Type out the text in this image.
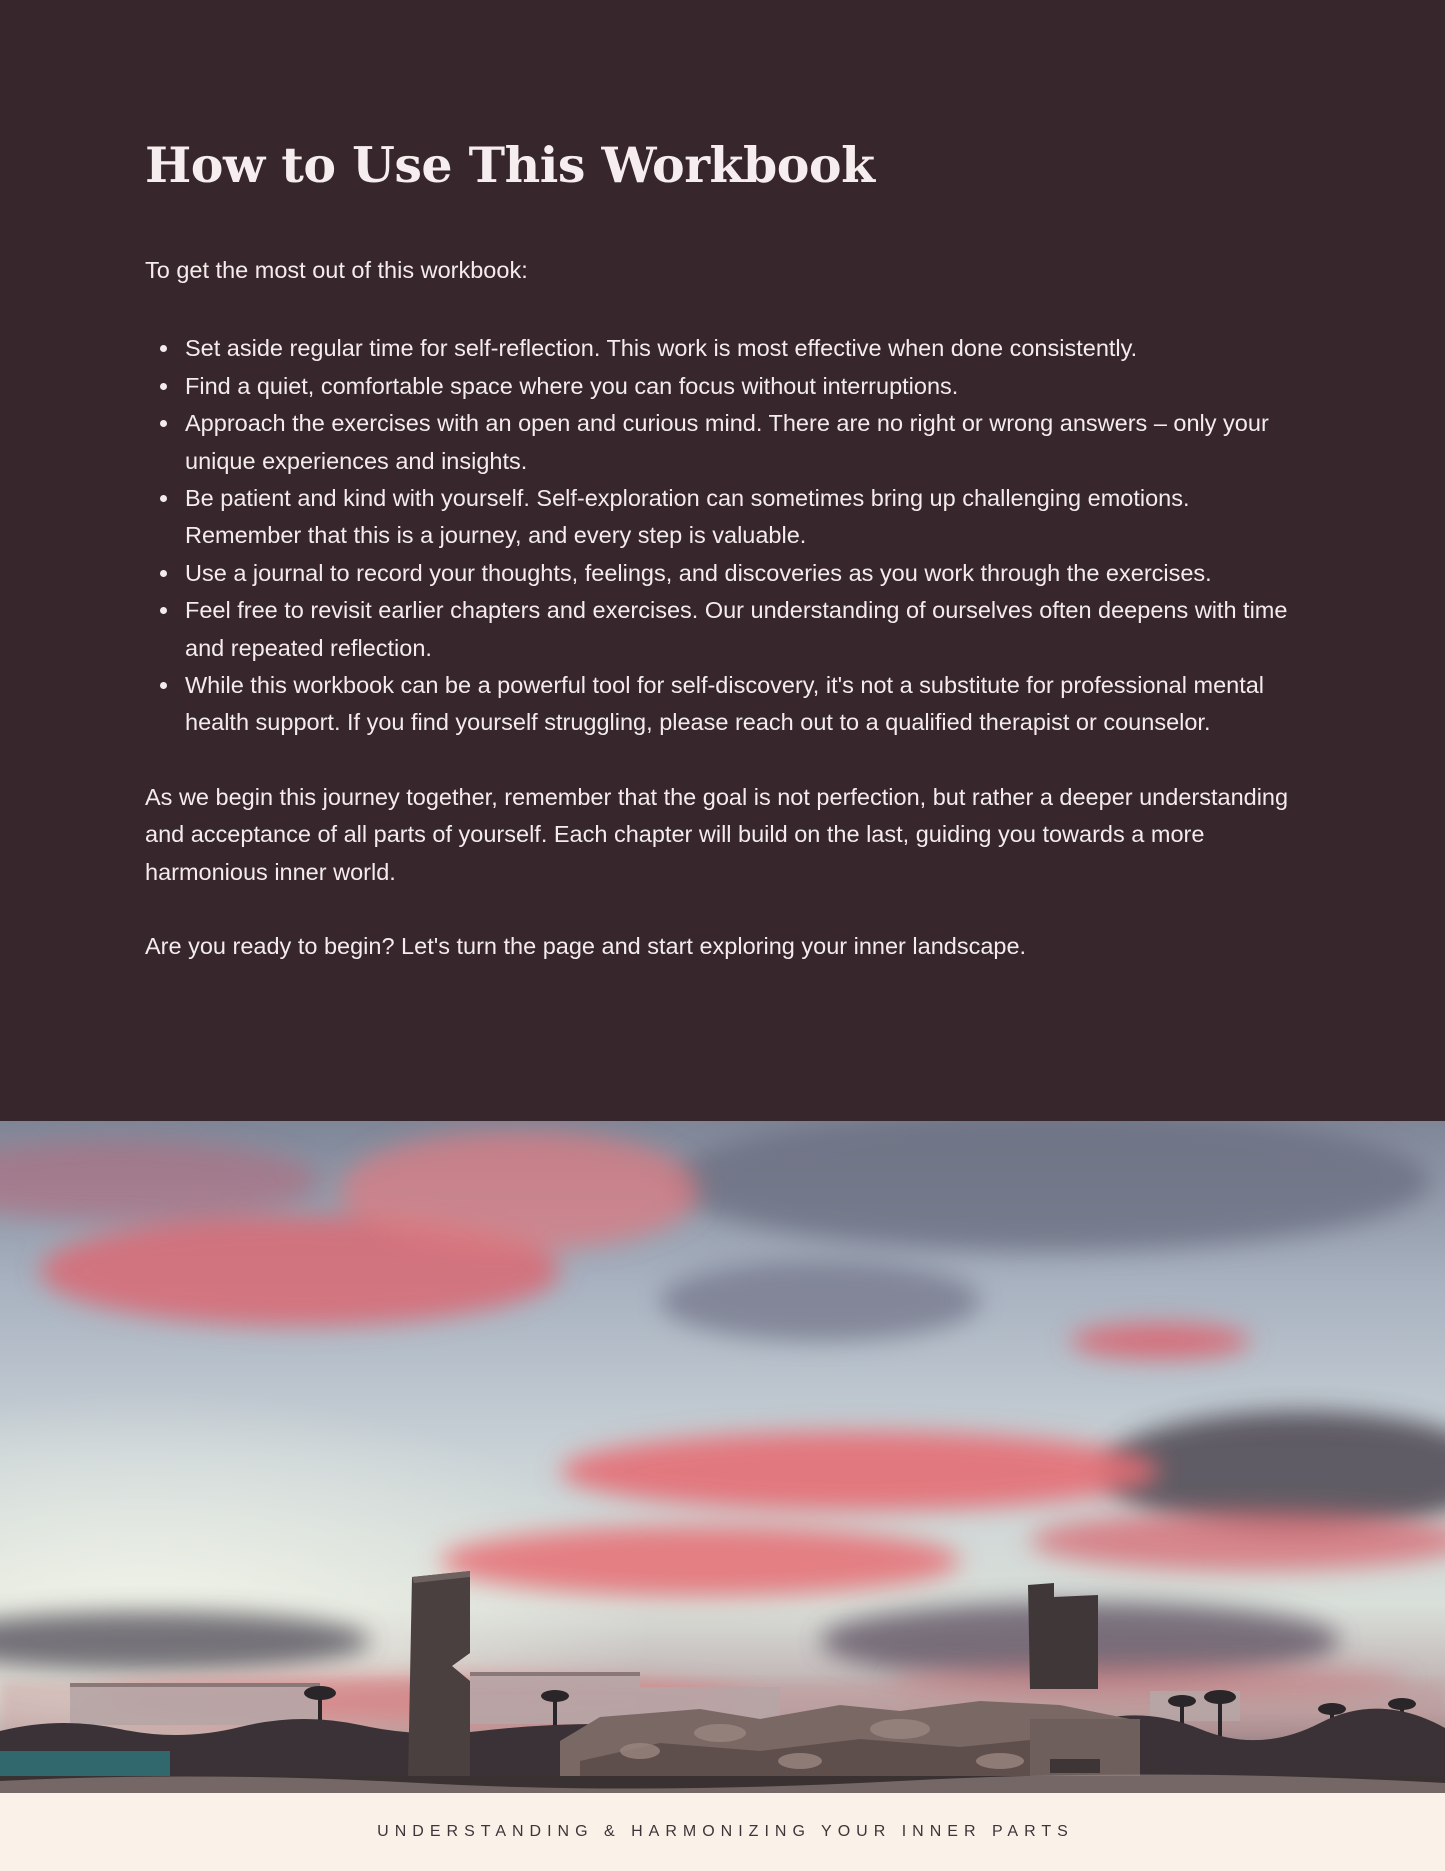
How to Use This Workbook

To get the most out of this workbook:

Set aside regular time for self-reflection. This work is most effective when done consistently.
Find a quiet, comfortable space where you can focus without interruptions.
Approach the exercises with an open and curious mind. There are no right or wrong answers – only your unique experiences and insights.
Be patient and kind with yourself. Self-exploration can sometimes bring up challenging emotions. Remember that this is a journey, and every step is valuable.
Use a journal to record your thoughts, feelings, and discoveries as you work through the exercises.
Feel free to revisit earlier chapters and exercises. Our understanding of ourselves often deepens with time and repeated reflection.
While this workbook can be a powerful tool for self-discovery, it's not a substitute for professional mental health support. If you find yourself struggling, please reach out to a qualified therapist or counselor.

As we begin this journey together, remember that the goal is not perfection, but rather a deeper understanding and acceptance of all parts of yourself. Each chapter will build on the last, guiding you towards a more harmonious inner world.

Are you ready to begin? Let's turn the page and start exploring your inner landscape.

UNDERSTANDING & HARMONIZING YOUR INNER PARTS
